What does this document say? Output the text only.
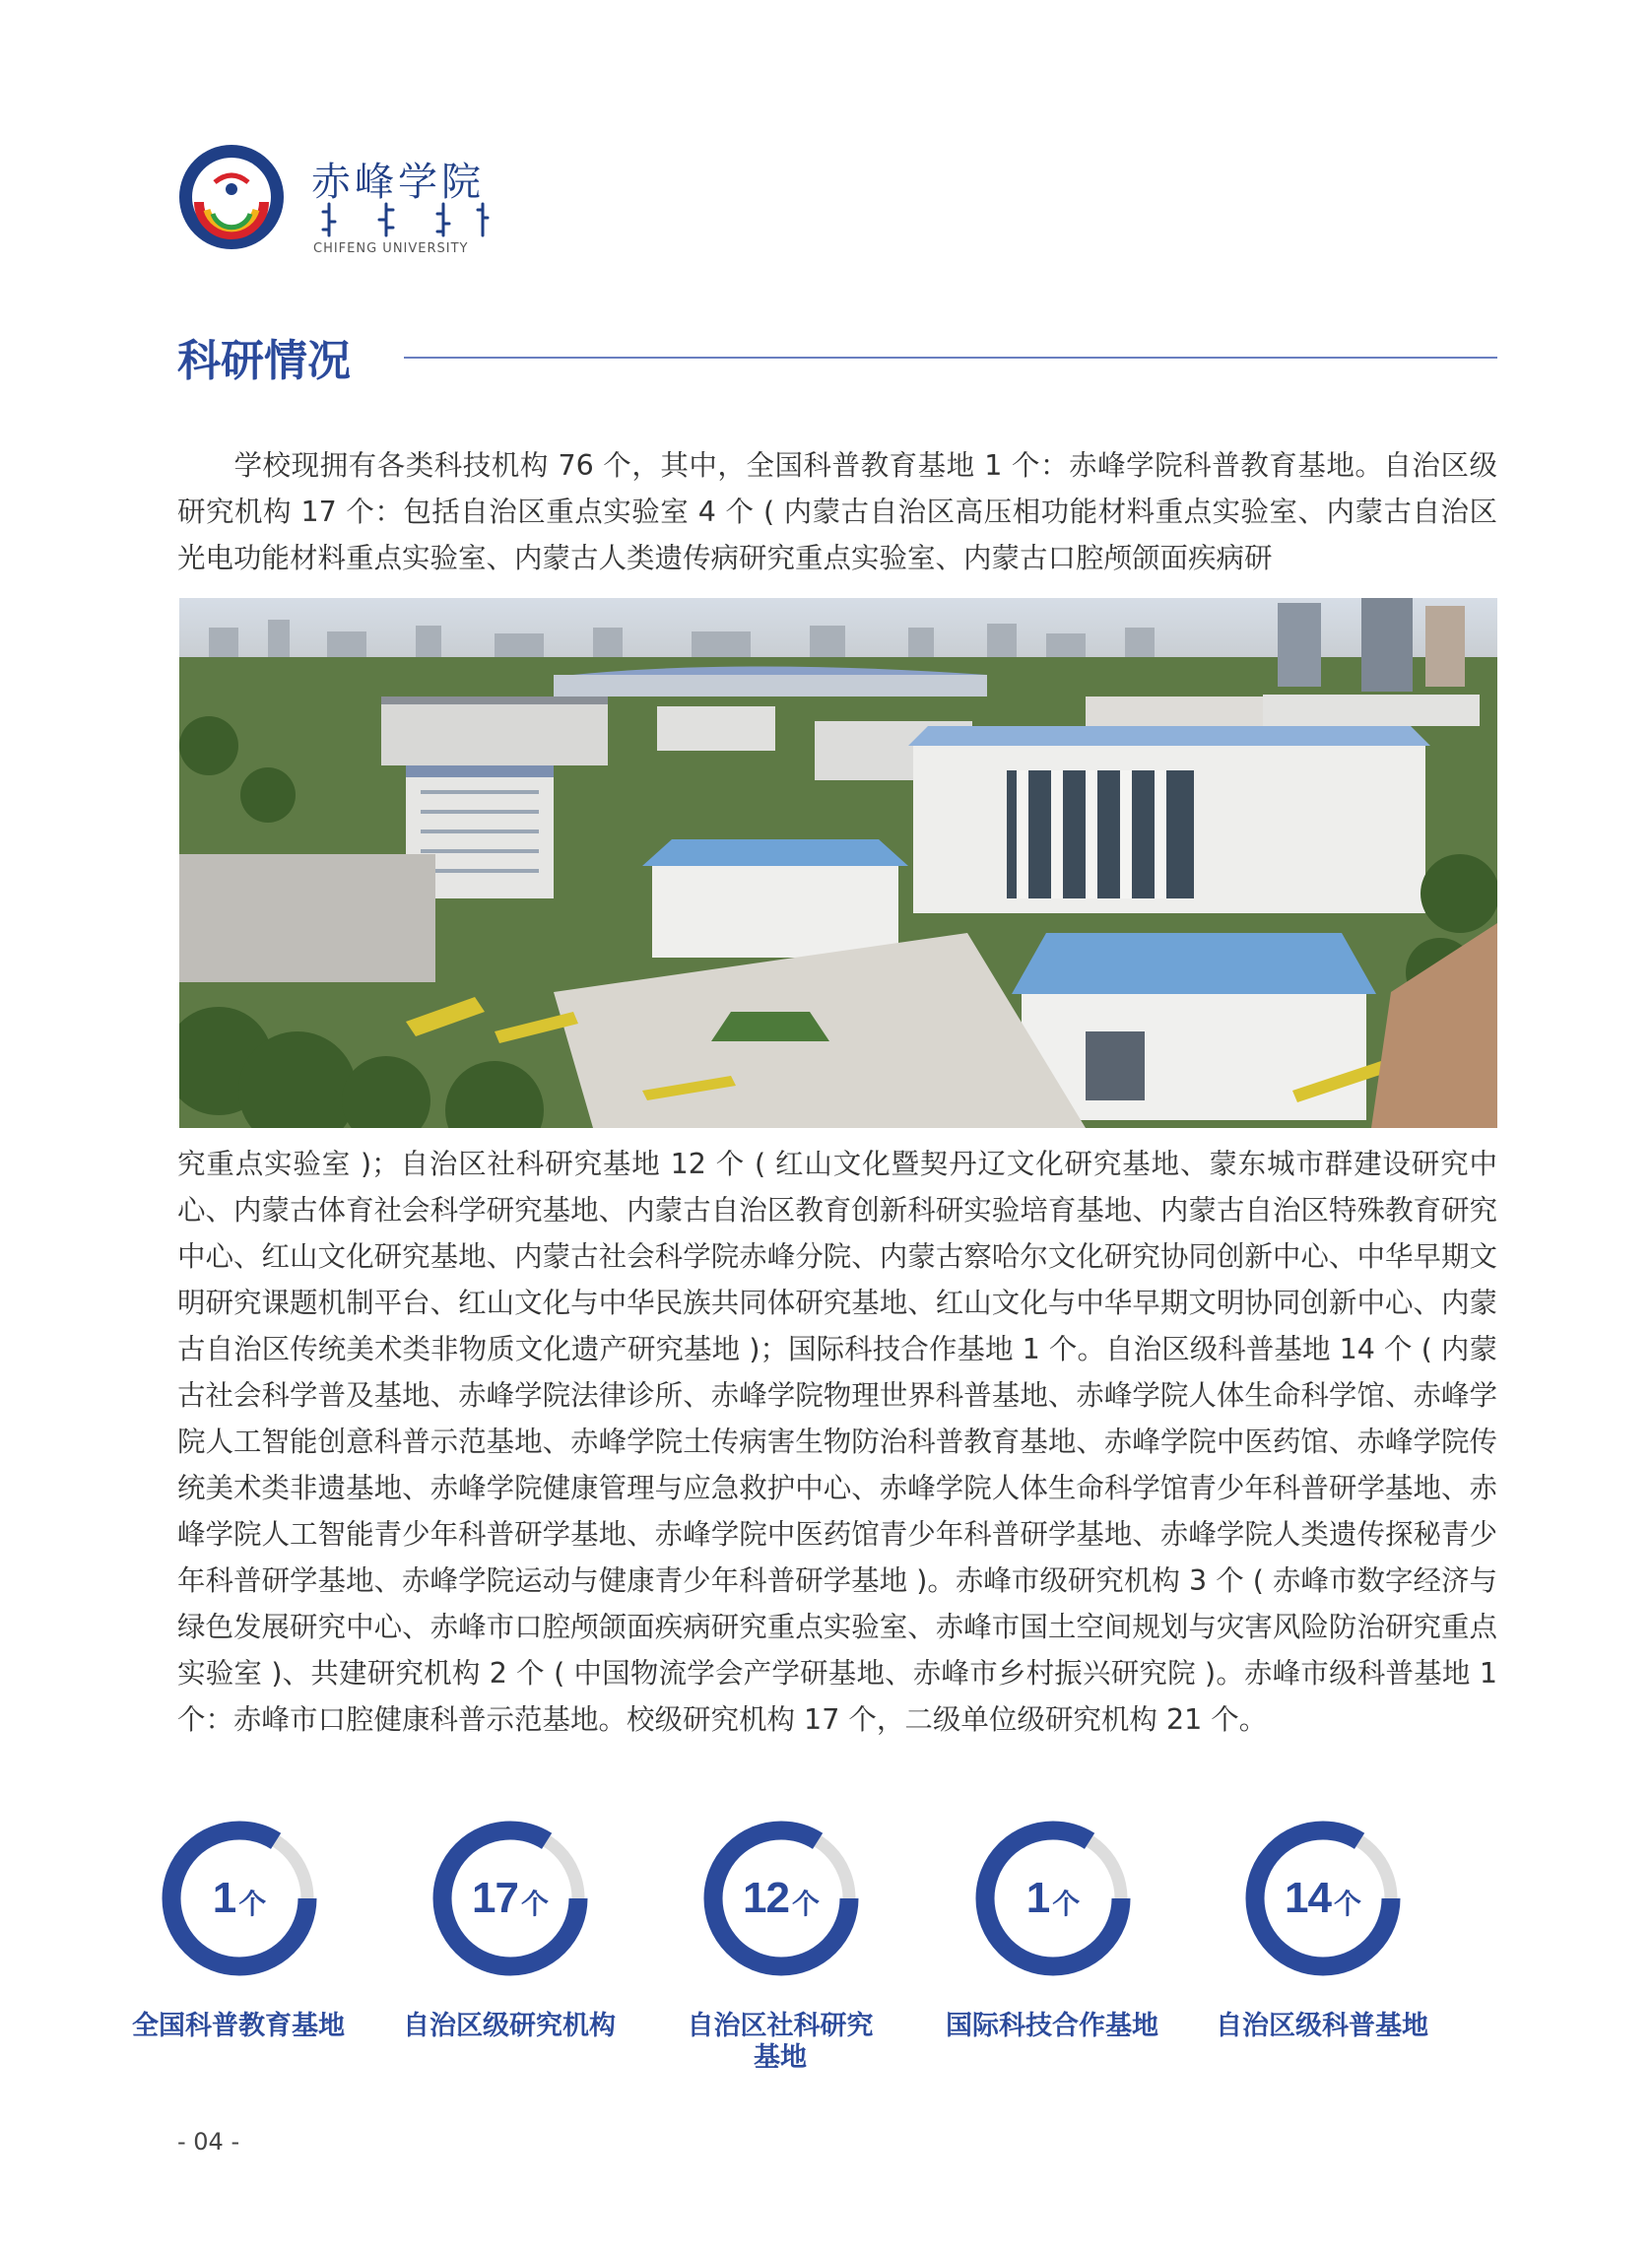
赤峰学院
CHIFENG UNIVERSITY
科研情况

学校现拥有各类科技机构 76 个，其中，全国科普教育基地 1 个：赤峰学院科普教育基地。自治区级研究机构 17 个：包括自治区重点实验室 4 个 ( 内蒙古自治区高压相功能材料重点实验室、内蒙古自治区光电功能材料重点实验室、内蒙古人类遗传病研究重点实验室、内蒙古口腔颅颌面疾病研

究重点实验室 )；自治区社科研究基地 12 个 ( 红山文化暨契丹辽文化研究基地、蒙东城市群建设研究中心、内蒙古体育社会科学研究基地、内蒙古自治区教育创新科研实验培育基地、内蒙古自治区特殊教育研究中心、红山文化研究基地、内蒙古社会科学院赤峰分院、内蒙古察哈尔文化研究协同创新中心、中华早期文明研究课题机制平台、红山文化与中华民族共同体研究基地、红山文化与中华早期文明协同创新中心、内蒙古自治区传统美术类非物质文化遗产研究基地 )；国际科技合作基地 1 个。自治区级科普基地 14 个 ( 内蒙古社会科学普及基地、赤峰学院法律诊所、赤峰学院物理世界科普基地、赤峰学院人体生命科学馆、赤峰学院人工智能创意科普示范基地、赤峰学院土传病害生物防治科普教育基地、赤峰学院中医药馆、赤峰学院传统美术类非遗基地、赤峰学院健康管理与应急救护中心、赤峰学院人体生命科学馆青少年科普研学基地、赤峰学院人工智能青少年科普研学基地、赤峰学院中医药馆青少年科普研学基地、赤峰学院人类遗传探秘青少年科普研学基地、赤峰学院运动与健康青少年科普研学基地 )。赤峰市级研究机构 3 个 ( 赤峰市数字经济与绿色发展研究中心、赤峰市口腔颅颌面疾病研究重点实验室、赤峰市国土空间规划与灾害风险防治研究重点实验室 )、共建研究机构 2 个 ( 中国物流学会产学研基地、赤峰市乡村振兴研究院 )。赤峰市级科普基地 1 个：赤峰市口腔健康科普示范基地。校级研究机构 17 个，二级单位级研究机构 21 个。

1 个
全国科普教育基地
17 个
自治区级研究机构
12 个
自治区社科研究基地
1 个
国际科技合作基地
14 个
自治区级科普基地
- 04 -
